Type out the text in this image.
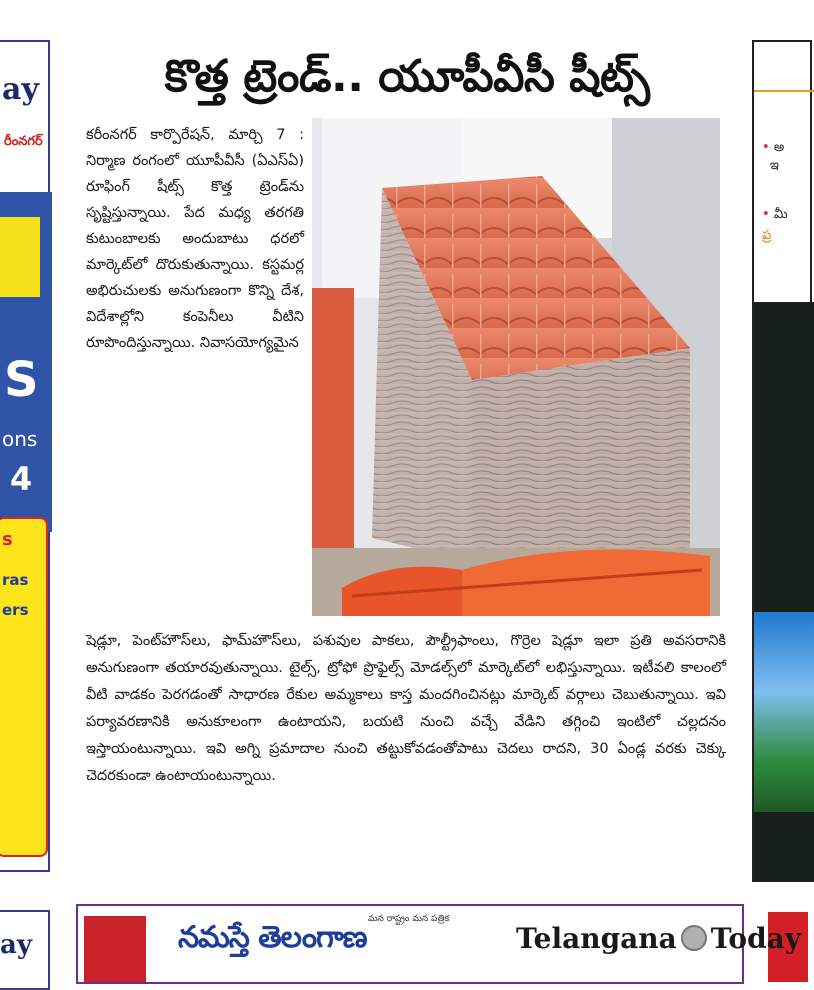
ay
రీంనగర్
S
ons
4
s
ras
ers
ay
• అ
ఇ
• మీ
ప్ర
కొత్త ట్రెండ్.. యూపీవీసీ షీట్స్
కరీంనగర్ కార్పొరేషన్, మార్చి 7 : నిర్మాణ రంగంలో యూపీవీసీ (ఏఎస్ఏ) రూఫింగ్ షీట్స్ కొత్త ట్రెండ్‌ను సృష్టిస్తున్నాయి. పేద మధ్య తరగతి కుటుంబాలకు అందుబాటు ధరలో మార్కెట్‌లో దొరుకుతున్నాయి. కస్టమర్ల అభిరుచులకు అనుగుణంగా కొన్ని దేశ, విదేశాల్లోని కంపెనీలు వీటిని రూపొందిస్తున్నాయి. నివాసయోగ్యమైన

షెడ్లూ, పెంట్‌హౌస్‌లు, ఫామ్‌హౌస్‌లు, పశువుల పాకలు, పౌల్ట్రీఫాంలు, గొర్రెల షెడ్లూ ఇలా ప్రతి అవసరానికి అనుగుణంగా తయారవుతున్నాయి. టైల్స్, ట్రోఫో ప్రొఫైల్స్ మోడల్స్‌లో మార్కెట్‌లో లభిస్తున్నాయి. ఇటీవలి కాలంలో వీటి వాడకం పెరగడంతో సాధారణ రేకుల అమ్మకాలు కాస్త మందగించినట్లు మార్కెట్ వర్గాలు చెబుతున్నాయి. ఇవి పర్యావరణానికి అనుకూలంగా ఉంటాయని, బయటి నుంచి వచ్చే వేడిని తగ్గించి ఇంటిలో చల్లదనం ఇస్తాయంటున్నాయి. ఇవి అగ్ని ప్రమాదాల నుంచి తట్టుకోవడంతోపాటు చెదలు రాదని, 30 ఏండ్ల వరకు చెక్కు చెదరకుండా ఉంటాయంటున్నాయి.

మన రాష్ట్రం మన పత్రిక
నమస్తే తెలంగాణ	Telangana Today
